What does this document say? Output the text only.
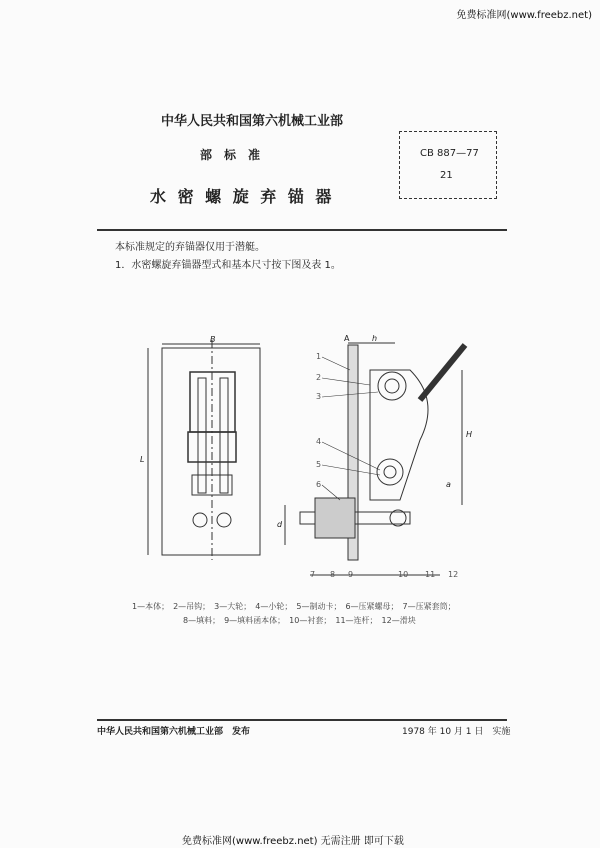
免费标准网(www.freebz.net)
中华人民共和国第六机械工业部
部　标　准
水 密 螺 旋 弃 锚 器
CB 887—77
21
本标准规定的弃锚器仅用于潜艇。
1．水密螺旋弃锚器型式和基本尺寸按下图及表 1。
B
L
A	h
H
a
d
1
2
3
4
5
6
7 8 9	10 11 12
1—本体；　2—吊钩；　3—大轮；　4—小轮；　5—制动卡；　6—压紧螺母；　7—压紧套筒；
8—填料；　9—填料函本体；　10—衬套；　11—连杆；　12—滑块
中华人民共和国第六机械工业部　发布	1978 年 10 月 1 日　实施
免费标准网(www.freebz.net) 无需注册 即可下载
